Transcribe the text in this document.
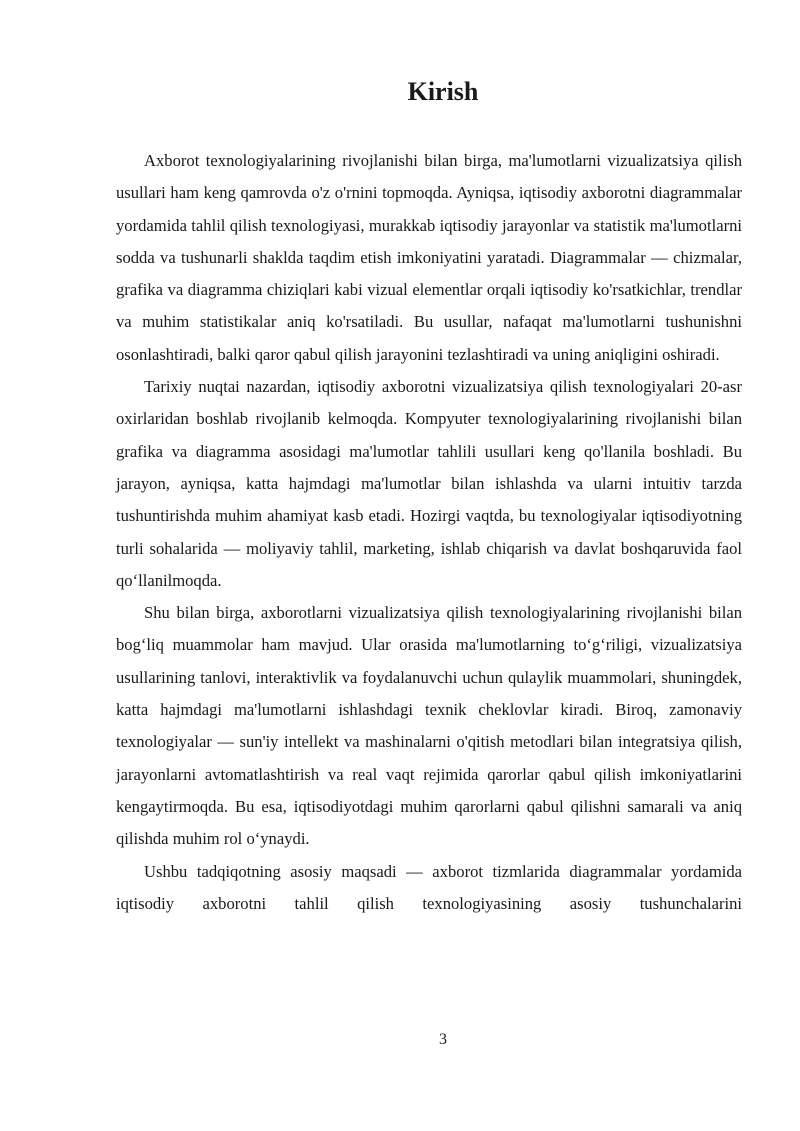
Kirish

Axborot texnologiyalarining rivojlanishi bilan birga, ma'lumotlarni vizualizatsiya qilish usullari ham keng qamrovda o'z o'rnini topmoqda. Ayniqsa, iqtisodiy axborotni diagrammalar yordamida tahlil qilish texnologiyasi, murakkab iqtisodiy jarayonlar va statistik ma'lumotlarni sodda va tushunarli shaklda taqdim etish imkoniyatini yaratadi. Diagrammalar — chizmalar, grafika va diagramma chiziqlari kabi vizual elementlar orqali iqtisodiy ko'rsatkichlar, trendlar va muhim statistikalar aniq ko'rsatiladi. Bu usullar, nafaqat ma'lumotlarni tushunishni osonlashtiradi, balki qaror qabul qilish jarayonini tezlashtiradi va uning aniqligini oshiradi.

Tarixiy nuqtai nazardan, iqtisodiy axborotni vizualizatsiya qilish texnologiyalari 20-asr oxirlaridan boshlab rivojlanib kelmoqda. Kompyuter texnologiyalarining rivojlanishi bilan grafika va diagramma asosidagi ma'lumotlar tahlili usullari keng qo'llanila boshladi. Bu jarayon, ayniqsa, katta hajmdagi ma'lumotlar bilan ishlashda va ularni intuitiv tarzda tushuntirishda muhim ahamiyat kasb etadi. Hozirgi vaqtda, bu texnologiyalar iqtisodiyotning turli sohalarida — moliyaviy tahlil, marketing, ishlab chiqarish va davlat boshqaruvida faol qo‘llanilmoqda.

Shu bilan birga, axborotlarni vizualizatsiya qilish texnologiyalarining rivojlanishi bilan bog‘liq muammolar ham mavjud. Ular orasida ma'lumotlarning to‘g‘riligi, vizualizatsiya usullarining tanlovi, interaktivlik va foydalanuvchi uchun qulaylik muammolari, shuningdek, katta hajmdagi ma'lumotlarni ishlashdagi texnik cheklovlar kiradi. Biroq, zamonaviy texnologiyalar — sun'iy intellekt va mashinalarni o'qitish metodlari bilan integratsiya qilish, jarayonlarni avtomatlashtirish va real vaqt rejimida qarorlar qabul qilish imkoniyatlarini kengaytirmoqda. Bu esa, iqtisodiyotdagi muhim qarorlarni qabul qilishni samarali va aniq qilishda muhim rol o‘ynaydi.

Ushbu tadqiqotning asosiy maqsadi — axborot tizmlarida diagrammalar yordamida iqtisodiy axborotni tahlil qilish texnologiyasining asosiy tushunchalarini

3
